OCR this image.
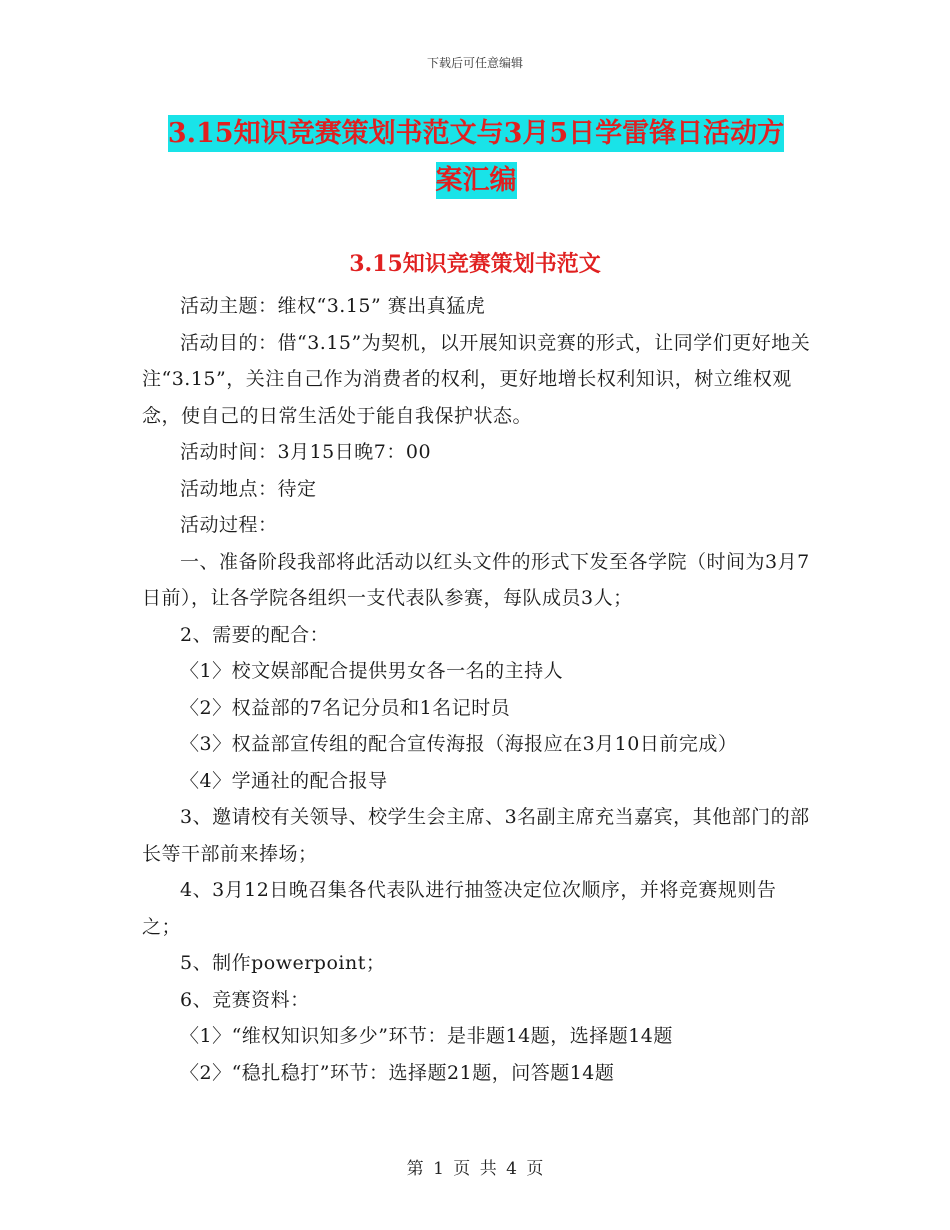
下载后可任意编辑
3.15知识竞赛策划书范文与3月5日学雷锋日活动方
案汇编
3.15知识竞赛策划书范文

活动主题：维权“3.15” 赛出真猛虎

活动目的：借“3.15”为契机，以开展知识竞赛的形式，让同学们更好地关注“3.15”，关注自己作为消费者的权利，更好地增长权利知识，树立维权观念，使自己的日常生活处于能自我保护状态。

活动时间：3月15日晚7：00

活动地点：待定

活动过程：

一、准备阶段我部将此活动以红头文件的形式下发至各学院（时间为3月7日前），让各学院各组织一支代表队参赛，每队成员3人；

2、需要的配合：

〈1〉校文娱部配合提供男女各一名的主持人

〈2〉权益部的7名记分员和1名记时员

〈3〉权益部宣传组的配合宣传海报（海报应在3月10日前完成）

〈4〉学通社的配合报导

3、邀请校有关领导、校学生会主席、3名副主席充当嘉宾，其他部门的部长等干部前来捧场；

4、3月12日晚召集各代表队进行抽签决定位次顺序，并将竞赛规则告之；

5、制作powerpoint；

6、竞赛资料：

〈1〉“维权知识知多少”环节：是非题14题，选择题14题

〈2〉“稳扎稳打”环节：选择题21题，问答题14题

第 1 页 共 4 页
